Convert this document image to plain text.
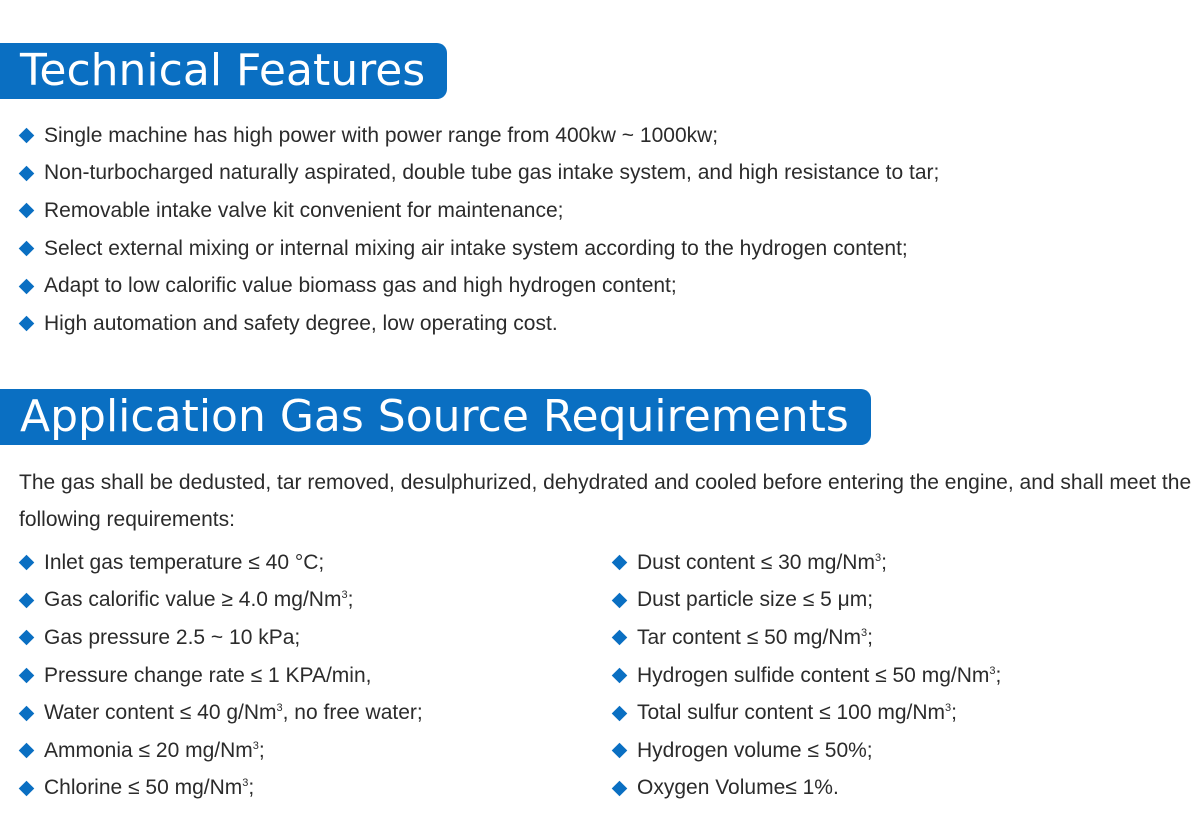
Technical Features
Single machine has high power with power range from 400kw ~ 1000kw;
Non-turbocharged naturally aspirated, double tube gas intake system, and high resistance to tar;
Removable intake valve kit convenient for maintenance;
Select external mixing or internal mixing air intake system according to the hydrogen content;
Adapt to low calorific value biomass gas and high hydrogen content;
High automation and safety degree, low operating cost.
Application Gas Source Requirements

The gas shall be dedusted, tar removed, desulphurized, dehydrated and cooled before entering the engine, and shall meet the following requirements:

Inlet gas temperature ≤ 40 °C;
Gas calorific value ≥ 4.0 mg/Nm$^3$;
Gas pressure 2.5 ~ 10 kPa;
Pressure change rate ≤ 1 KPA/min,
Water content ≤ 40 g/Nm$^3$, no free water;
Ammonia ≤ 20 mg/Nm$^3$;
Chlorine ≤ 50 mg/Nm$^3$;
Dust content ≤ 30 mg/Nm$^3$;
Dust particle size ≤ 5 μm;
Tar content ≤ 50 mg/Nm$^3$;
Hydrogen sulfide content ≤ 50 mg/Nm$^3$;
Total sulfur content ≤ 100 mg/Nm$^3$;
Hydrogen volume ≤ 50%;
Oxygen Volume≤ 1%.
